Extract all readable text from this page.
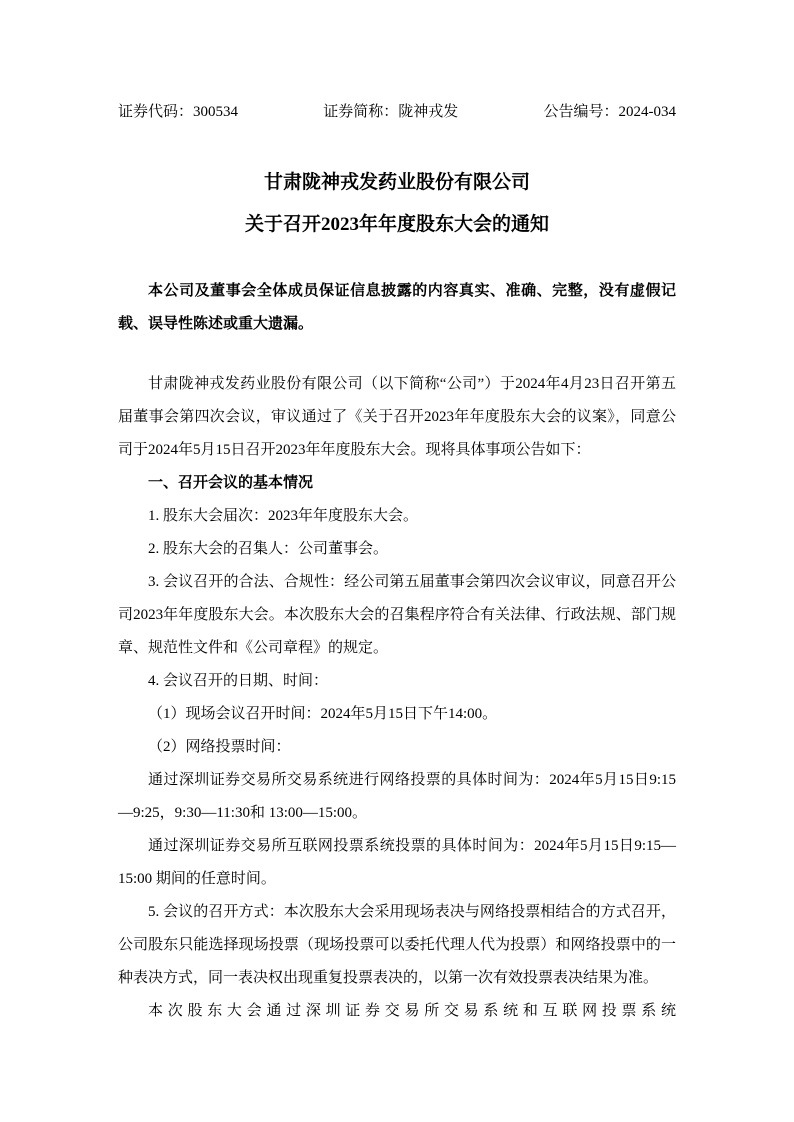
证券代码：300534	证券简称：陇神戎发	公告编号：2024-034
甘肃陇神戎发药业股份有限公司
关于召开2023年年度股东大会的通知

本公司及董事会全体成员保证信息披露的内容真实、准确、完整，没有虚假记载、误导性陈述或重大遗漏。

甘肃陇神戎发药业股份有限公司（以下简称“公司”）于2024年4月23日召开第五届董事会第四次会议，审议通过了《关于召开2023年年度股东大会的议案》，同意公司于2024年5月15日召开2023年年度股东大会。现将具体事项公告如下：

一、召开会议的基本情况

1. 股东大会届次：2023年年度股东大会。

2. 股东大会的召集人：公司董事会。

3. 会议召开的合法、合规性：经公司第五届董事会第四次会议审议，同意召开公司2023年年度股东大会。本次股东大会的召集程序符合有关法律、行政法规、部门规章、规范性文件和《公司章程》的规定。

4. 会议召开的日期、时间：

（1）现场会议召开时间：2024年5月15日下午14:00。

（2）网络投票时间：

通过深圳证券交易所交易系统进行网络投票的具体时间为：2024年5月15日9:15—9:25，9:30—11:30和 13:00—15:00。

通过深圳证券交易所互联网投票系统投票的具体时间为：2024年5月15日9:15—15:00 期间的任意时间。

5. 会议的召开方式：本次股东大会采用现场表决与网络投票相结合的方式召开，公司股东只能选择现场投票（现场投票可以委托代理人代为投票）和网络投票中的一种表决方式，同一表决权出现重复投票表决的，以第一次有效投票表决结果为准。

本次股东大会通过深圳证券交易所交易系统和互联网投票系统
